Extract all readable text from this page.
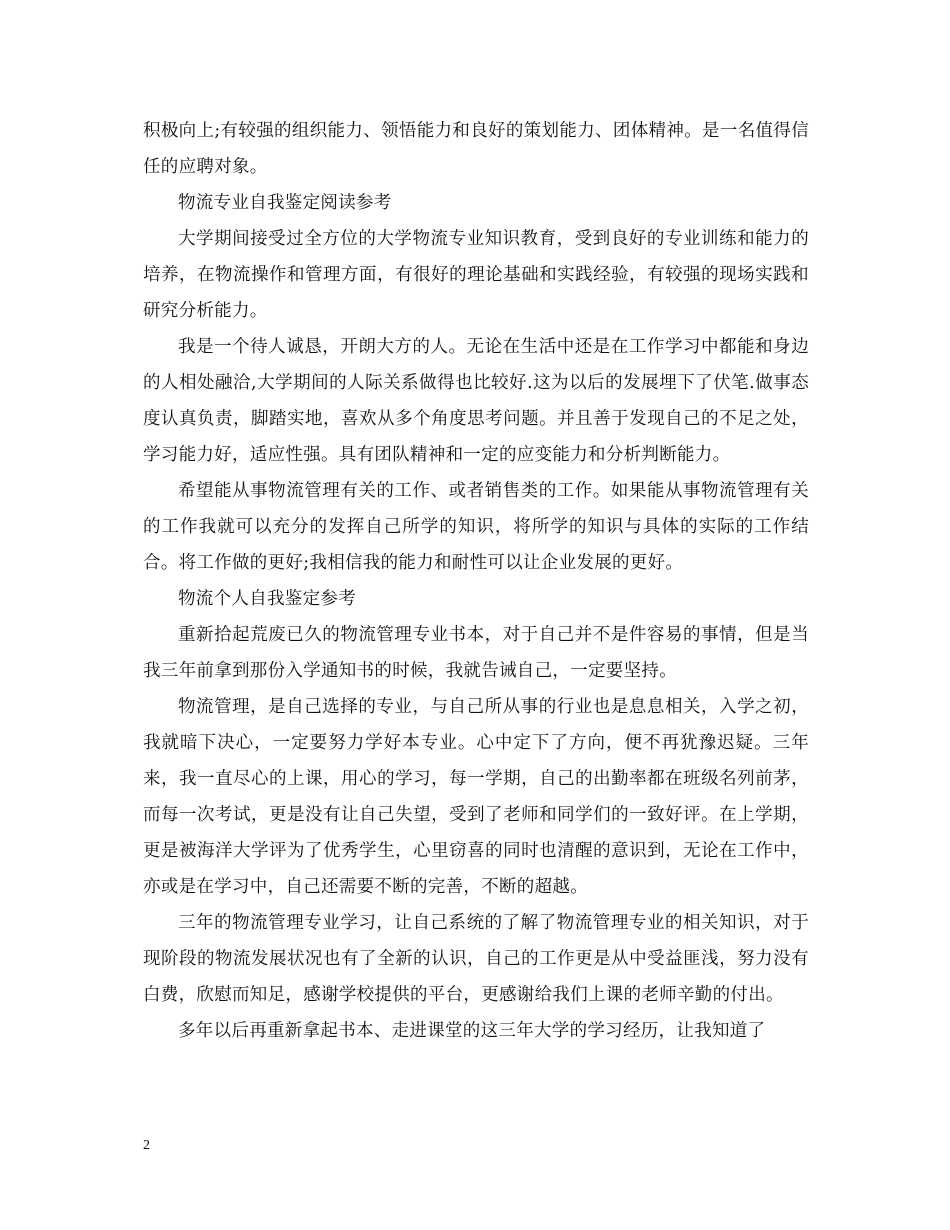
积极向上;有较强的组织能力、领悟能力和良好的策划能力、团体精神。是一名值得信任的应聘对象。

物流专业自我鉴定阅读参考

大学期间接受过全方位的大学物流专业知识教育，受到良好的专业训练和能力的培养，在物流操作和管理方面，有很好的理论基础和实践经验，有较强的现场实践和研究分析能力。

我是一个待人诚恳，开朗大方的人。无论在生活中还是在工作学习中都能和身边的人相处融洽,大学期间的人际关系做得也比较好.这为以后的发展埋下了伏笔.做事态度认真负责，脚踏实地，喜欢从多个角度思考问题。并且善于发现自己的不足之处，学习能力好，适应性强。具有团队精神和一定的应变能力和分析判断能力。

希望能从事物流管理有关的工作、或者销售类的工作。如果能从事物流管理有关的工作我就可以充分的发挥自己所学的知识，将所学的知识与具体的实际的工作结合。将工作做的更好;我相信我的能力和耐性可以让企业发展的更好。

物流个人自我鉴定参考

重新拾起荒废已久的物流管理专业书本，对于自己并不是件容易的事情，但是当我三年前拿到那份入学通知书的时候，我就告诫自己，一定要坚持。

物流管理，是自己选择的专业，与自己所从事的行业也是息息相关，入学之初，我就暗下决心，一定要努力学好本专业。心中定下了方向，便不再犹豫迟疑。三年来，我一直尽心的上课，用心的学习，每一学期，自己的出勤率都在班级名列前茅，而每一次考试，更是没有让自己失望，受到了老师和同学们的一致好评。在上学期，更是被海洋大学评为了优秀学生，心里窃喜的同时也清醒的意识到，无论在工作中，亦或是在学习中，自己还需要不断的完善，不断的超越。

三年的物流管理专业学习，让自己系统的了解了物流管理专业的相关知识，对于现阶段的物流发展状况也有了全新的认识，自己的工作更是从中受益匪浅，努力没有白费，欣慰而知足，感谢学校提供的平台，更感谢给我们上课的老师辛勤的付出。

多年以后再重新拿起书本、走进课堂的这三年大学的学习经历，让我知道了

2
